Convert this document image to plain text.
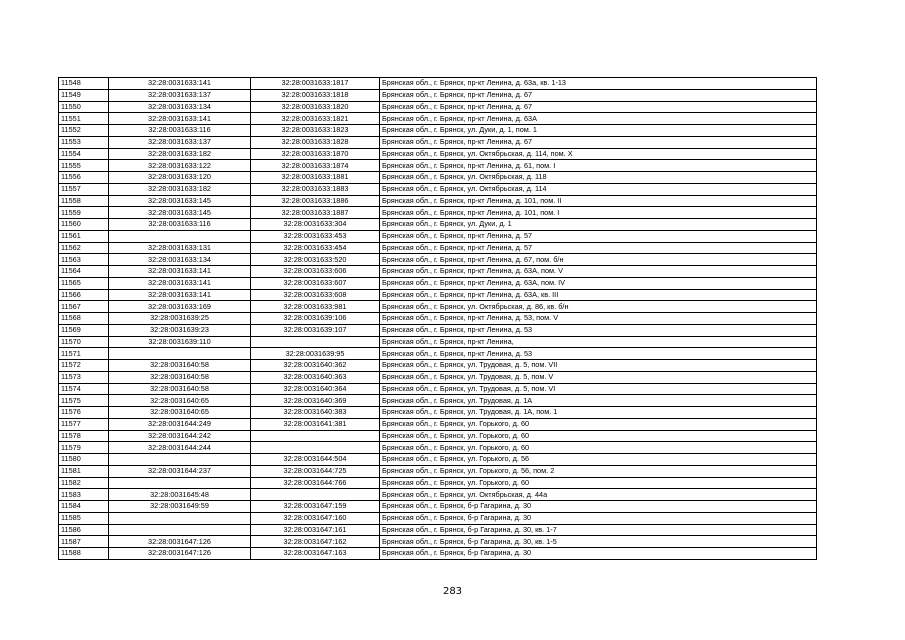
11548	32:28:0031633:141	32:28:0031633:1817	Брянская обл., г. Брянск, пр-кт Ленина, д. 63а, кв. 1-13
11549	32:28:0031633:137	32:28:0031633:1818	Брянская обл., г. Брянск, пр-кт Ленина, д. 67
11550	32:28:0031633:134	32:28:0031633:1820	Брянская обл., г. Брянск, пр-кт Ленина, д. 67
11551	32:28:0031633:141	32:28:0031633:1821	Брянская обл., г. Брянск, пр-кт Ленина, д. 63А
11552	32:28:0031633:116	32:28:0031633:1823	Брянская обл., г. Брянск, ул. Дуки, д. 1, пом. 1
11553	32:28:0031633:137	32:28:0031633:1828	Брянская обл., г. Брянск, пр-кт Ленина, д. 67
11554	32:28:0031633:182	32:28:0031633:1870	Брянская обл., г. Брянск, ул. Октябрьская, д. 114, пом. X
11555	32:28:0031633:122	32:28:0031633:1874	Брянская обл., г. Брянск, пр-кт Ленина, д. 61, пом. I
11556	32:28:0031633:120	32:28:0031633:1881	Брянская обл., г. Брянск, ул. Октябрьская, д. 118
11557	32:28:0031633:182	32:28:0031633:1883	Брянская обл., г. Брянск, ул. Октябрьская, д. 114
11558	32:28:0031633:145	32:28:0031633:1886	Брянская обл., г. Брянск, пр-кт Ленина, д. 101, пом. II
11559	32:28:0031633:145	32:28:0031633:1887	Брянская обл., г. Брянск, пр-кт Ленина, д. 101, пом. I
11560	32:28:0031633:116	32:28:0031633:304	Брянская обл., г. Брянск, ул. Дуки, д. 1
11561		32:28:0031633:453	Брянская обл., г. Брянск, пр-кт Ленина, д. 57
11562	32:28:0031633:131	32:28:0031633:454	Брянская обл., г. Брянск, пр-кт Ленина, д. 57
11563	32:28:0031633:134	32:28:0031633:520	Брянская обл., г. Брянск, пр-кт Ленина, д. 67, пом. б/н
11564	32:28:0031633:141	32:28:0031633:606	Брянская обл., г. Брянск, пр-кт Ленина, д. 63А, пом. V
11565	32:28:0031633:141	32:28:0031633:607	Брянская обл., г. Брянск, пр-кт Ленина, д. 63А, пом. IV
11566	32:28:0031633:141	32:28:0031633:608	Брянская обл., г. Брянск, пр-кт Ленина, д. 63А, кв. III
11567	32:28:0031633:169	32:28:0031633:981	Брянская обл., г. Брянск, ул. Октябрьская, д. 86, кв. б/н
11568	32:28:0031639:25	32:28:0031639:106	Брянская обл., г. Брянск, пр-кт Ленина, д. 53, пом. V
11569	32:28:0031639:23	32:28:0031639:107	Брянская обл., г. Брянск, пр-кт Ленина, д. 53
11570	32:28:0031639:110		Брянская обл., г. Брянск, пр-кт Ленина,
11571		32:28:0031639:95	Брянская обл., г. Брянск, пр-кт Ленина, д. 53
11572	32:28:0031640:58	32:28:0031640:362	Брянская обл., г. Брянск, ул. Трудовая, д. 5, пом. VII
11573	32:28:0031640:58	32:28:0031640:363	Брянская обл., г. Брянск, ул. Трудовая, д. 5, пом. V
11574	32:28:0031640:58	32:28:0031640:364	Брянская обл., г. Брянск, ул. Трудовая, д. 5, пом. VI
11575	32:28:0031640:65	32:28:0031640:369	Брянская обл., г. Брянск, ул. Трудовая, д. 1А
11576	32:28:0031640:65	32:28:0031640:383	Брянская обл., г. Брянск, ул. Трудовая, д. 1А, пом. 1
11577	32:28:0031644:249	32:28:0031641:381	Брянская обл., г. Брянск, ул. Горького, д. 60
11578	32:28:0031644:242		Брянская обл., г. Брянск, ул. Горького, д. 60
11579	32:28:0031644:244		Брянская обл., г. Брянск, ул. Горького, д. 60
11580		32:28:0031644:504	Брянская обл., г. Брянск, ул. Горького, д. 56
11581	32:28:0031644:237	32:28:0031644:725	Брянская обл., г. Брянск, ул. Горького, д. 56, пом. 2
11582		32:28:0031644:766	Брянская обл., г. Брянск, ул. Горького, д. 60
11583	32:28:0031645:48		Брянская обл., г. Брянск, ул. Октябрьская, д. 44а
11584	32:28:0031649:59	32:28:0031647:159	Брянская обл., г. Брянск, б-р Гагарина, д. 30
11585		32:28:0031647:160	Брянская обл., г. Брянск, б-р Гагарина, д. 30
11586		32:28:0031647:161	Брянская обл., г. Брянск, б-р Гагарина, д. 30, кв. 1-7
11587	32:28:0031647:126	32:28:0031647:162	Брянская обл., г. Брянск, б-р Гагарина, д. 30, кв. 1-5
11588	32:28:0031647:126	32:28:0031647:163	Брянская обл., г. Брянск, б-р Гагарина, д. 30
283
